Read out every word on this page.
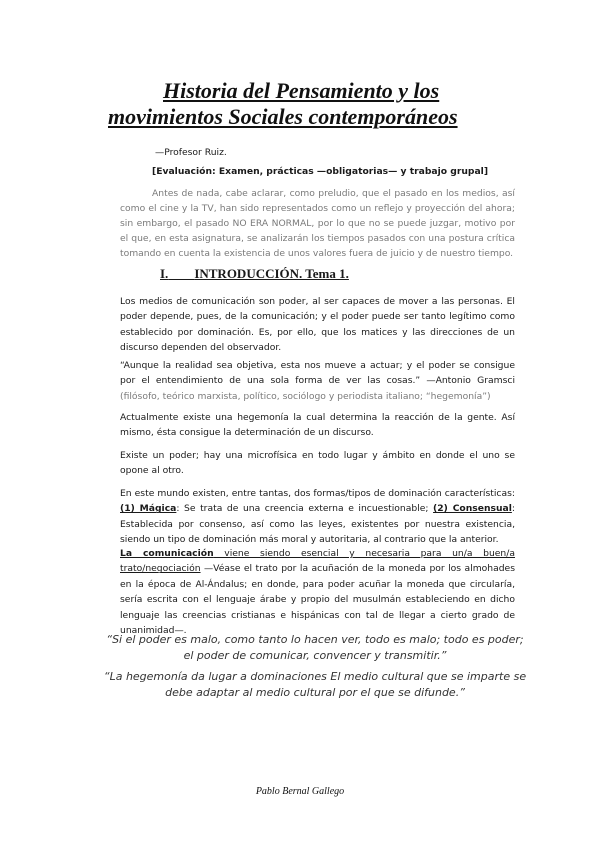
Historia del Pensamiento y los
movimientos Sociales contemporáneos
—Profesor Ruiz.
[Evaluación: Examen, prácticas —obligatorias— y trabajo grupal]

Antes de nada, cabe aclarar, como preludio, que el pasado en los medios, así como el cine y la TV, han sido representados como un reflejo y proyección del ahora; sin embargo, el pasado NO ERA NORMAL, por lo que no se puede juzgar, motivo por el que, en esta asignatura, se analizarán los tiempos pasados con una postura crítica tomando en cuenta la existencia de unos valores fuera de juicio y de nuestro tiempo.

I. INTRODUCCIÓN. Tema 1.

Los medios de comunicación son poder, al ser capaces de mover a las personas. El poder depende, pues, de la comunicación; y el poder puede ser tanto legítimo como establecido por dominación. Es, por ello, que los matices y las direcciones de un discurso dependen del observador.

“Aunque la realidad sea objetiva, esta nos mueve a actuar; y el poder se consigue por el entendimiento de una sola forma de ver las cosas.” —Antonio Gramsci (filósofo, teórico marxista, político, sociólogo y periodista italiano; “hegemonía”)

Actualmente existe una hegemonía la cual determina la reacción de la gente. Así mismo, ésta consigue la determinación de un discurso.

Existe un poder; hay una microfísica en todo lugar y ámbito en donde el uno se opone al otro.

En este mundo existen, entre tantas, dos formas/tipos de dominación características: (1) Mágica: Se trata de una creencia externa e incuestionable; (2) Consensual: Establecida por consenso, así como las leyes, existentes por nuestra existencia, siendo un tipo de dominación más moral y autoritaria, al contrario que la anterior.

La comunicación viene siendo esencial y necesaria para un/a buen/a trato/negociación —Véase el trato por la acuñación de la moneda por los almohades en la época de Al-Ándalus; en donde, para poder acuñar la moneda que circularía, sería escrita con el lenguaje árabe y propio del musulmán estableciendo en dicho lenguaje las creencias cristianas e hispánicas con tal de llegar a cierto grado de unanimidad—.

“Si el poder es malo, como tanto lo hacen ver, todo es malo; todo es poder; el poder de comunicar, convencer y transmitir.”

“La hegemonía da lugar a dominaciones El medio cultural que se imparte se debe adaptar al medio cultural por el que se difunde.”

Pablo Bernal Gallego
